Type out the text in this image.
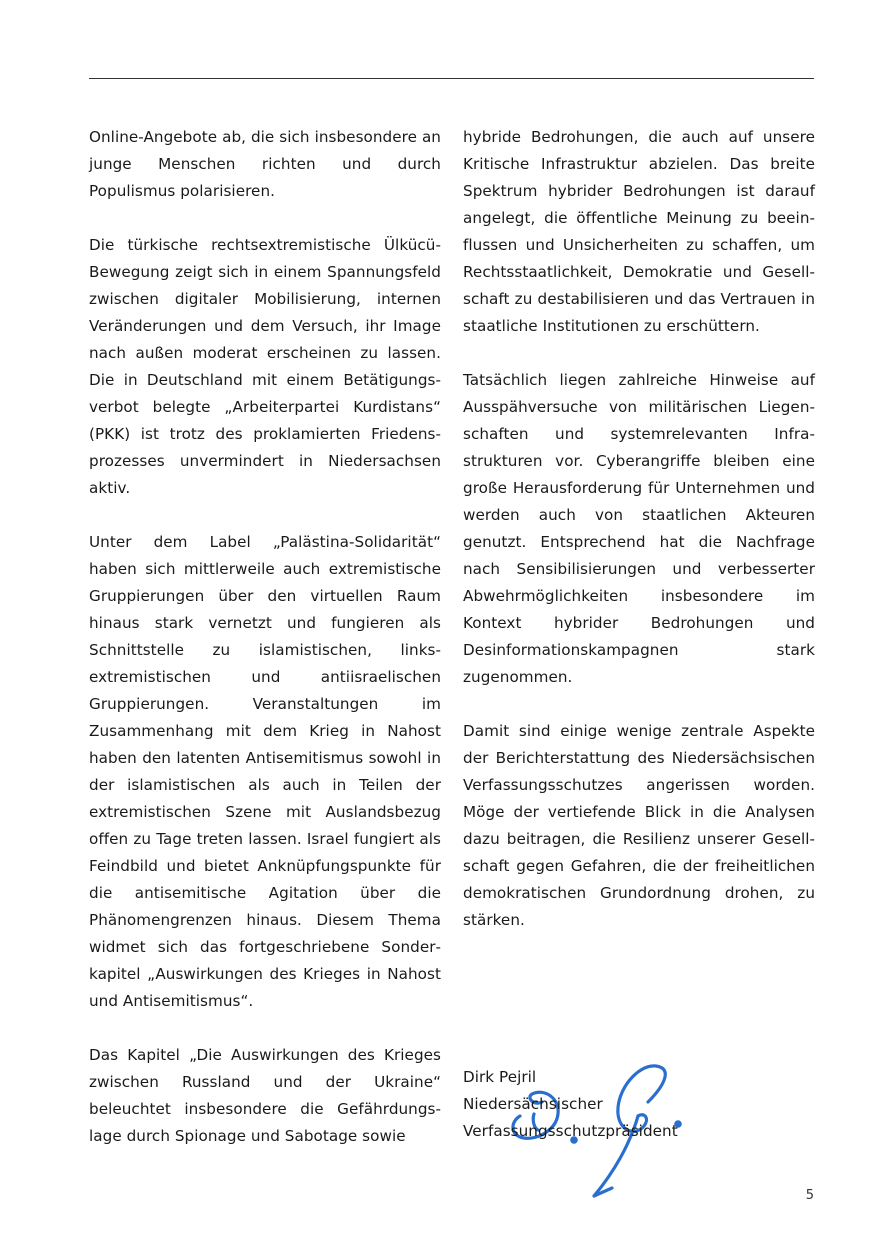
Online-Angebote ab, die sich insbesondere an junge Menschen richten und durch Populismus polarisieren.

Die türkische rechtsextremistische Ülkücü-Bewegung zeigt sich in einem Spannungsfeld zwischen digitaler Mobilisierung, internen Veränderungen und dem Versuch, ihr Image nach außen moderat erscheinen zu lassen. Die in Deutschland mit einem Betätigungsverbot belegte „Arbeiterpartei Kurdistans“ (PKK) ist trotz des proklamierten Friedensprozesses unvermindert in Niedersachsen aktiv.

Unter dem Label „Palästina-Solidarität“ haben sich mittlerweile auch extremistische Gruppierungen über den virtuellen Raum hinaus stark vernetzt und fungieren als Schnittstelle zu islamistischen, linksextremistischen und antiisraelischen Gruppierungen. Veranstaltungen im Zusammenhang mit dem Krieg in Nahost haben den latenten Antisemitismus sowohl in der islamistischen als auch in Teilen der extremistischen Szene mit Auslandsbezug offen zu Tage treten lassen. Israel fungiert als Feindbild und bietet Anknüpfungspunkte für die antisemitische Agitation über die Phänomengrenzen hinaus. Diesem Thema widmet sich das fortgeschriebene Sonderkapitel „Auswirkungen des Krieges in Nahost und Antisemitismus“.

Das Kapitel „Die Auswirkungen des Krieges zwischen Russland und der Ukraine“ beleuchtet insbesondere die Gefährdungslage durch Spionage und Sabotage sowie

hybride Bedrohungen, die auch auf unsere Kritische Infrastruktur abzielen. Das breite Spektrum hybrider Bedrohungen ist darauf angelegt, die öffentliche Meinung zu beeinflussen und Unsicherheiten zu schaffen, um Rechtsstaatlichkeit, Demokratie und Gesellschaft zu destabilisieren und das Vertrauen in staatliche Institutionen zu erschüttern.

Tatsächlich liegen zahlreiche Hinweise auf Ausspähversuche von militärischen Liegenschaften und systemrelevanten Infrastrukturen vor. Cyberangriffe bleiben eine große Herausforderung für Unternehmen und werden auch von staatlichen Akteuren genutzt. Entsprechend hat die Nachfrage nach Sensibilisierungen und verbesserter Abwehrmöglichkeiten insbesondere im Kontext hybrider Bedrohungen und Desinformationskampagnen stark zugenommen.

Damit sind einige wenige zentrale Aspekte der Berichterstattung des Niedersächsischen Verfassungsschutzes angerissen worden. Möge der vertiefende Blick in die Analysen dazu beitragen, die Resilienz unserer Gesellschaft gegen Gefahren, die der freiheitlichen demokratischen Grundordnung drohen, zu stärken.

Dirk Pejril
Niedersächsischer
Verfassungsschutzpräsident
5
